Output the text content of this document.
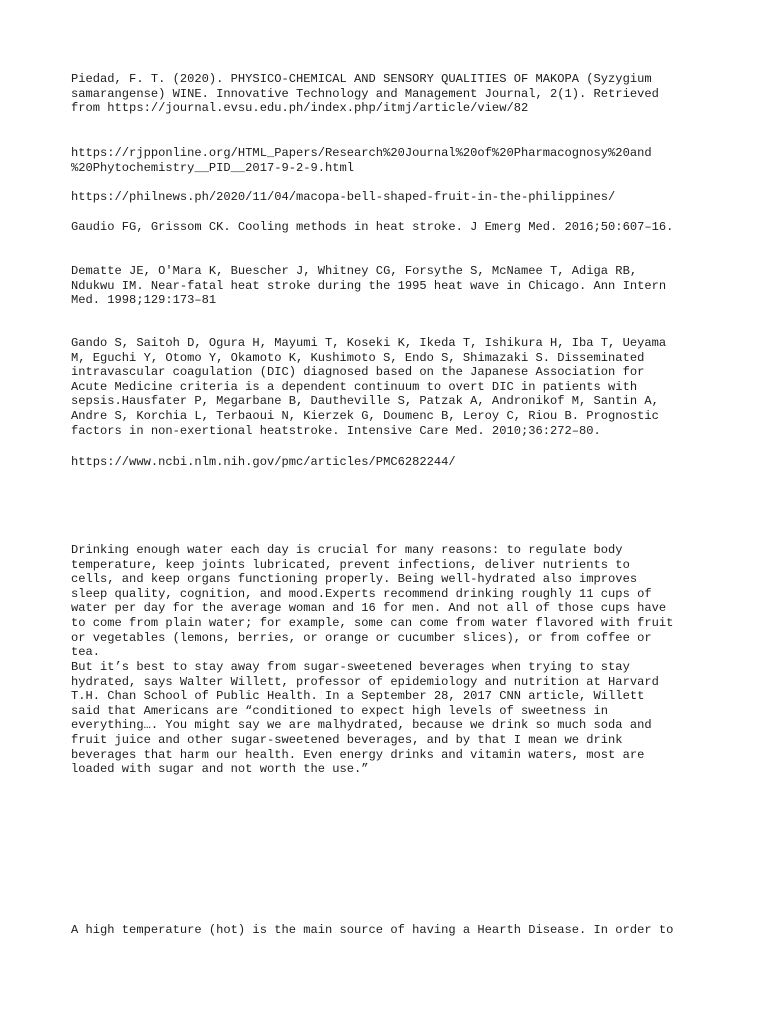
Piedad, F. T. (2020). PHYSICO-CHEMICAL AND SENSORY QUALITIES OF MAKOPA (Syzygium
samarangense) WINE. Innovative Technology and Management Journal, 2(1). Retrieved
from https://journal.evsu.edu.ph/index.php/itmj/article/view/82

https://rjpponline.org/HTML_Papers/Research%20Journal%20of%20Pharmacognosy%20and
%20Phytochemistry__PID__2017-9-2-9.html

https://philnews.ph/2020/11/04/macopa-bell-shaped-fruit-in-the-philippines/

Gaudio FG, Grissom CK. Cooling methods in heat stroke. J Emerg Med. 2016;50:607–16.

Dematte JE, O'Mara K, Buescher J, Whitney CG, Forsythe S, McNamee T, Adiga RB,
Ndukwu IM. Near-fatal heat stroke during the 1995 heat wave in Chicago. Ann Intern
Med. 1998;129:173–81

Gando S, Saitoh D, Ogura H, Mayumi T, Koseki K, Ikeda T, Ishikura H, Iba T, Ueyama
M, Eguchi Y, Otomo Y, Okamoto K, Kushimoto S, Endo S, Shimazaki S. Disseminated
intravascular coagulation (DIC) diagnosed based on the Japanese Association for
Acute Medicine criteria is a dependent continuum to overt DIC in patients with
sepsis.Hausfater P, Megarbane B, Dautheville S, Patzak A, Andronikof M, Santin A,
Andre S, Korchia L, Terbaoui N, Kierzek G, Doumenc B, Leroy C, Riou B. Prognostic
factors in non-exertional heatstroke. Intensive Care Med. 2010;36:272–80.

https://www.ncbi.nlm.nih.gov/pmc/articles/PMC6282244/

Drinking enough water each day is crucial for many reasons: to regulate body
temperature, keep joints lubricated, prevent infections, deliver nutrients to
cells, and keep organs functioning properly. Being well-hydrated also improves
sleep quality, cognition, and mood.Experts recommend drinking roughly 11 cups of
water per day for the average woman and 16 for men. And not all of those cups have
to come from plain water; for example, some can come from water flavored with fruit
or vegetables (lemons, berries, or orange or cucumber slices), or from coffee or
tea.

But it’s best to stay away from sugar-sweetened beverages when trying to stay
hydrated, says Walter Willett, professor of epidemiology and nutrition at Harvard
T.H. Chan School of Public Health. In a September 28, 2017 CNN article, Willett
said that Americans are “conditioned to expect high levels of sweetness in
everything…. You might say we are malhydrated, because we drink so much soda and
fruit juice and other sugar-sweetened beverages, and by that I mean we drink
beverages that harm our health. Even energy drinks and vitamin waters, most are
loaded with sugar and not worth the use.”

A high temperature (hot) is the main source of having a Hearth Disease. In order to
